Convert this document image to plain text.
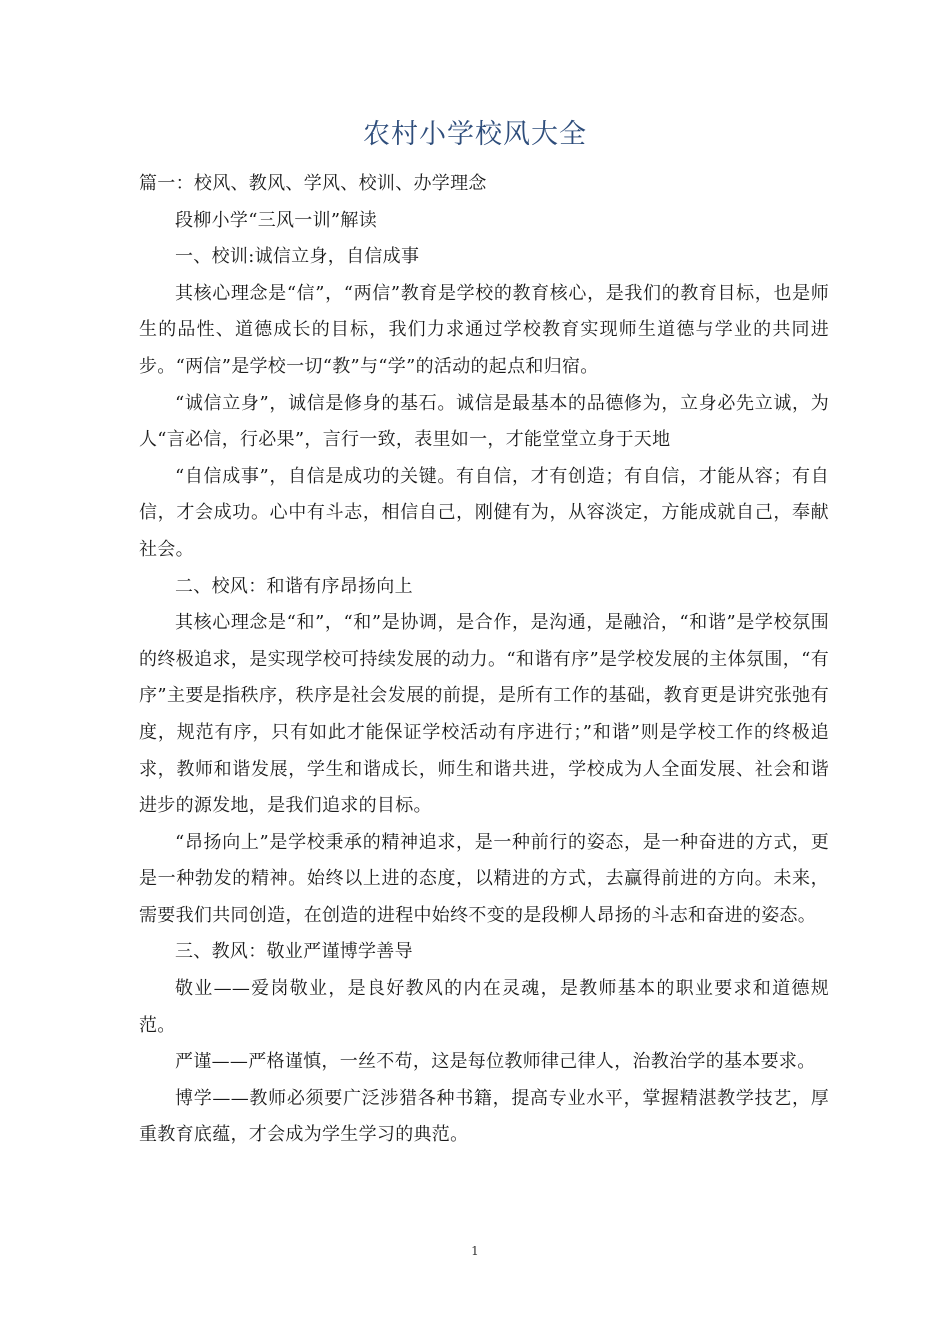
农村小学校风大全

篇一：校风、教风、学风、校训、办学理念

段柳小学“三风一训”解读

一、校训:诚信立身，自信成事

其核心理念是“信”，“两信”教育是学校的教育核心，是我们的教育目标，也是师生的品性、道德成长的目标，我们力求通过学校教育实现师生道德与学业的共同进步。“两信”是学校一切“教”与“学”的活动的起点和归宿。

“诚信立身”，诚信是修身的基石。诚信是最基本的品德修为，立身必先立诚，为人“言必信，行必果”，言行一致，表里如一，才能堂堂立身于天地

“自信成事”，自信是成功的关键。有自信，才有创造；有自信，才能从容；有自信，才会成功。心中有斗志，相信自己，刚健有为，从容淡定，方能成就自己，奉献社会。

二、校风：和谐有序昂扬向上

其核心理念是“和”，“和”是协调，是合作，是沟通，是融洽，“和谐”是学校氛围的终极追求，是实现学校可持续发展的动力。“和谐有序”是学校发展的主体氛围，“有序”主要是指秩序，秩序是社会发展的前提，是所有工作的基础，教育更是讲究张弛有度，规范有序，只有如此才能保证学校活动有序进行；”和谐”则是学校工作的终极追求，教师和谐发展，学生和谐成长，师生和谐共进，学校成为人全面发展、社会和谐进步的源发地，是我们追求的目标。

“昂扬向上”是学校秉承的精神追求，是一种前行的姿态，是一种奋进的方式，更是一种勃发的精神。始终以上进的态度，以精进的方式，去赢得前进的方向。未来，需要我们共同创造，在创造的进程中始终不变的是段柳人昂扬的斗志和奋进的姿态。

三、教风：敬业严谨博学善导

敬业——爱岗敬业，是良好教风的内在灵魂，是教师基本的职业要求和道德规范。

严谨——严格谨慎，一丝不苟，这是每位教师律己律人，治教治学的基本要求。

博学——教师必须要广泛涉猎各种书籍，提高专业水平，掌握精湛教学技艺，厚重教育底蕴，才会成为学生学习的典范。

1
